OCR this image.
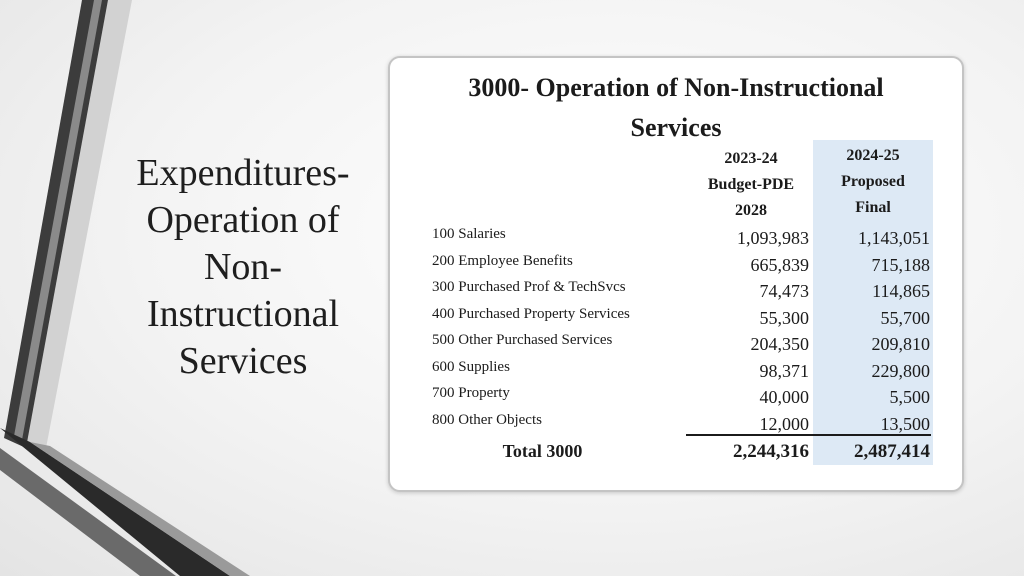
Expenditures-
Operation of
Non-
Instructional
Services
3000- Operation of Non-Instructional
Services
2023-24
Budget-PDE
2028
2024-25
Proposed
Final
100 Salaries	1,093,983	1,143,051
200 Employee Benefits	665,839	715,188
300 Purchased Prof & TechSvcs	74,473	114,865
400 Purchased Property Services	55,300	55,700
500 Other Purchased Services	204,350	209,810
600 Supplies	98,371	229,800
700 Property	40,000	5,500
800 Other Objects	12,000	13,500
Total 3000	2,244,316	2,487,414
